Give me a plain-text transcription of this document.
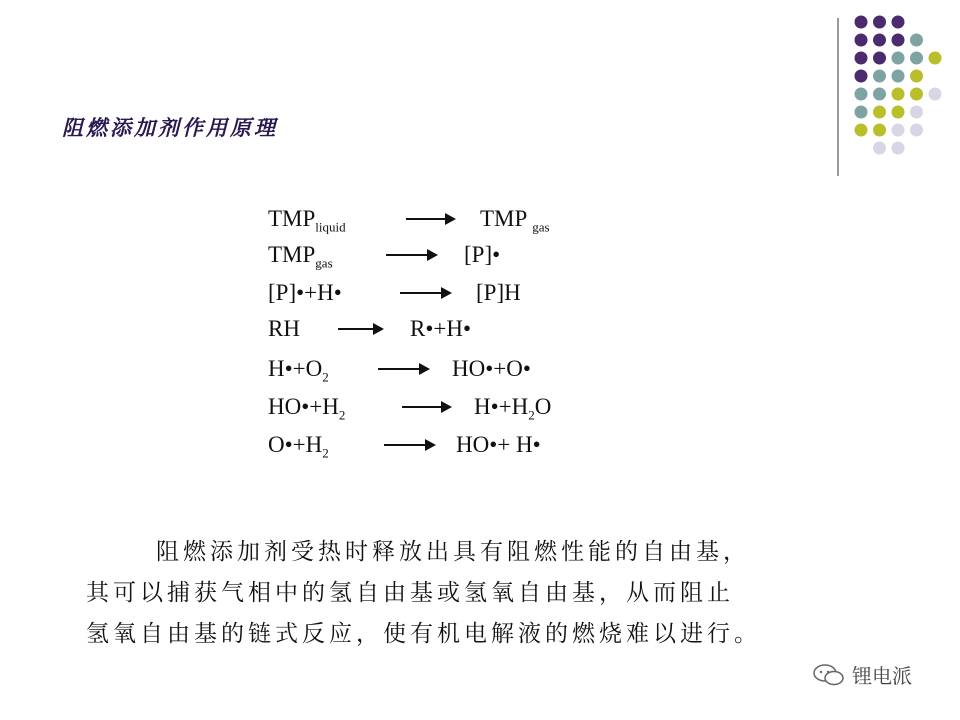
阻燃添加剂作用原理
$TMP_{liquid}$	TMP $_{gas}$
$TMP_{gas}$	[P]•
[P]•+H•	[P]H
RH	R•+H•
$H•+O_2$	HO•+O•
$HO•+H_2$	$H•+H_2O$
$O•+H_2$	HO•+ H•
阻燃添加剂受热时释放出具有阻燃性能的自由基，
其可以捕获气相中的氢自由基或氢氧自由基，从而阻止
氢氧自由基的链式反应，使有机电解液的燃烧难以进行。
锂电派
